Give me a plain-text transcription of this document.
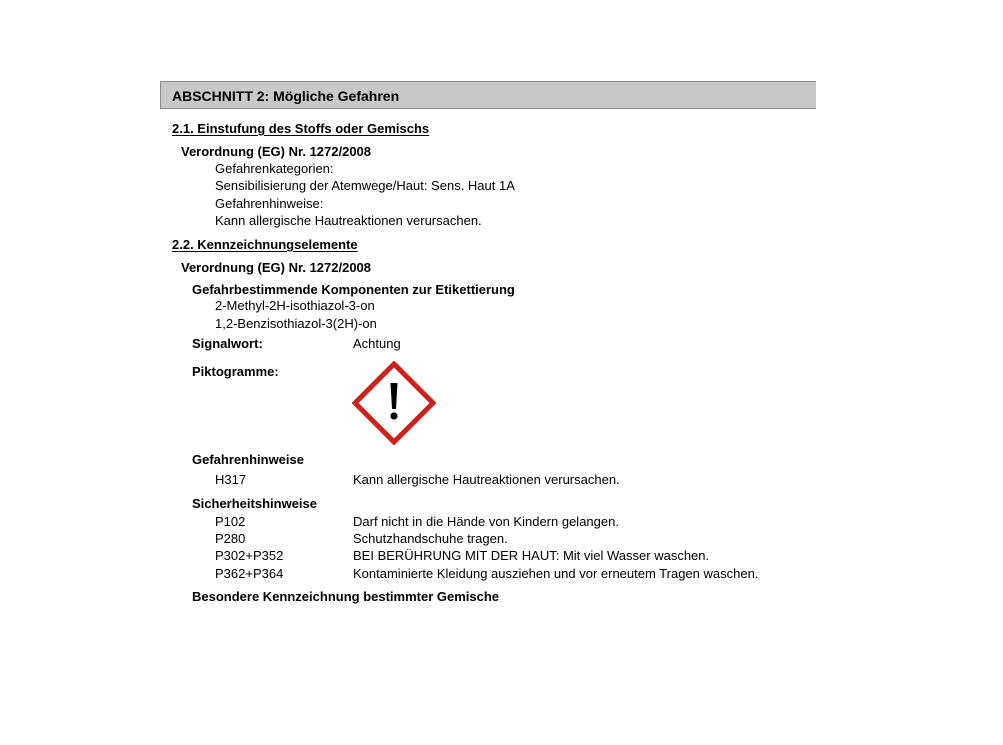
ABSCHNITT 2: Mögliche Gefahren
2.1. Einstufung des Stoffs oder Gemischs
Verordnung (EG) Nr. 1272/2008
Gefahrenkategorien:
Sensibilisierung der Atemwege/Haut: Sens. Haut 1A
Gefahrenhinweise:
Kann allergische Hautreaktionen verursachen.
2.2. Kennzeichnungselemente
Verordnung (EG) Nr. 1272/2008
Gefahrbestimmende Komponenten zur Etikettierung
2-Methyl-2H-isothiazol-3-on
1,2-Benzisothiazol-3(2H)-on
Signalwort:	Achtung
Piktogramme:
Gefahrenhinweise
H317	Kann allergische Hautreaktionen verursachen.
Sicherheitshinweise
P102	Darf nicht in die Hände von Kindern gelangen.
P280	Schutzhandschuhe tragen.
P302+P352	BEI BERÜHRUNG MIT DER HAUT: Mit viel Wasser waschen.
P362+P364	Kontaminierte Kleidung ausziehen und vor erneutem Tragen waschen.
Besondere Kennzeichnung bestimmter Gemische
